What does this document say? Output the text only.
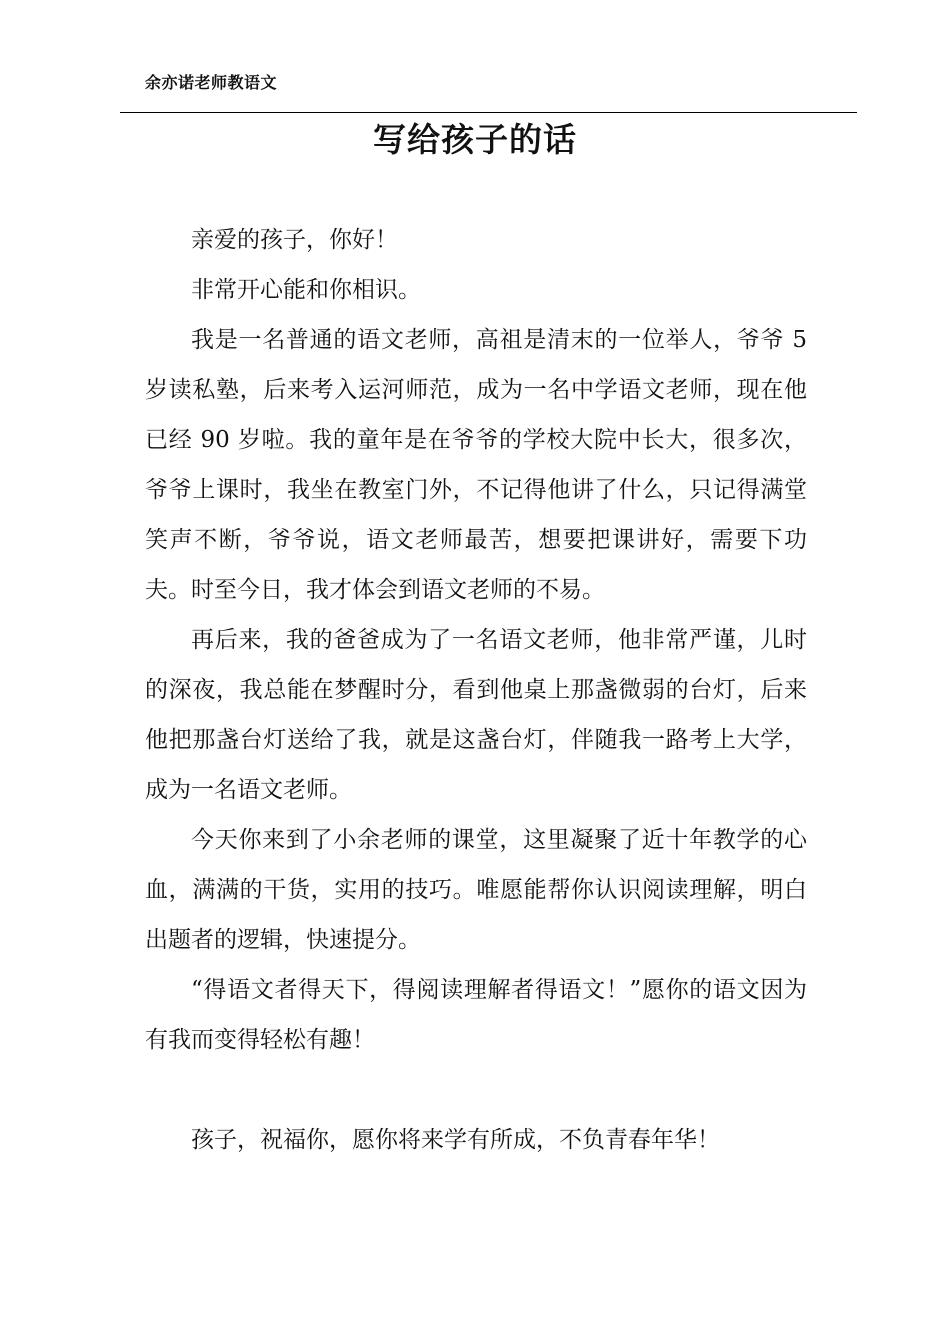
余亦诺老师教语文
写给孩子的话

亲爱的孩子，你好！

非常开心能和你相识。

我是一名普通的语文老师，高祖是清末的一位举人，爷爷 5 岁读私塾，后来考入运河师范，成为一名中学语文老师，现在他已经 90 岁啦。我的童年是在爷爷的学校大院中长大，很多次，爷爷上课时，我坐在教室门外，不记得他讲了什么，只记得满堂笑声不断，爷爷说，语文老师最苦，想要把课讲好，需要下功夫。时至今日，我才体会到语文老师的不易。

再后来，我的爸爸成为了一名语文老师，他非常严谨，儿时的深夜，我总能在梦醒时分，看到他桌上那盏微弱的台灯，后来他把那盏台灯送给了我，就是这盏台灯，伴随我一路考上大学，成为一名语文老师。

今天你来到了小余老师的课堂，这里凝聚了近十年教学的心血，满满的干货，实用的技巧。唯愿能帮你认识阅读理解，明白出题者的逻辑，快速提分。

“得语文者得天下，得阅读理解者得语文！”愿你的语文因为有我而变得轻松有趣！

孩子，祝福你，愿你将来学有所成，不负青春年华！
